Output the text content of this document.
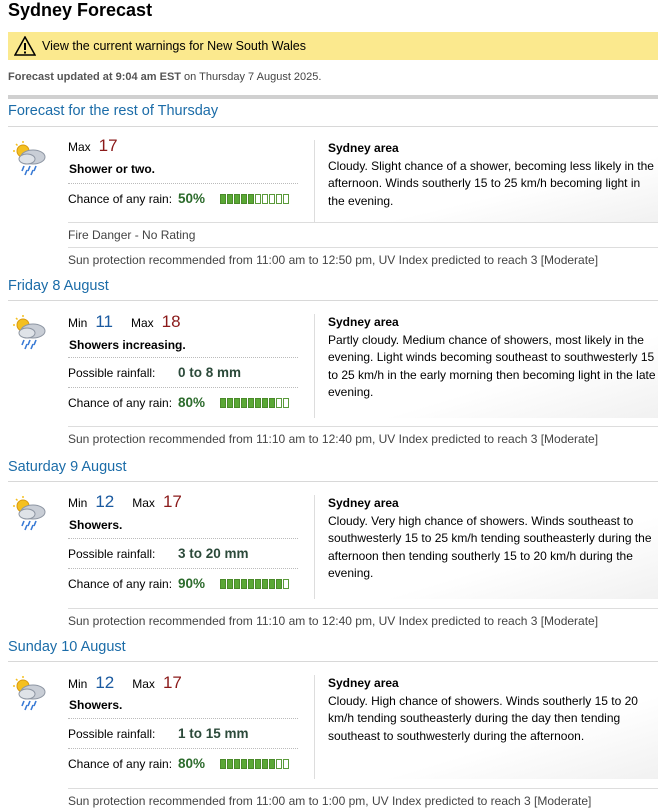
Sydney Forecast
View the current warnings for New South Wales
Forecast updated at 9:04 am EST on Thursday 7 August 2025.
Forecast for the rest of Thursday
Max 17
Shower or two.
Chance of any rain: 50%
Sydney area
Cloudy. Slight chance of a shower, becoming less likely in the afternoon. Winds southerly 15 to 25 km/h becoming light in the evening.
Fire Danger - No Rating
Sun protection recommended from 11:00 am to 12:50 pm, UV Index predicted to reach 3 [Moderate]
Friday 8 August
Min 11 Max 18
Showers increasing.
Possible rainfall:	0 to 8 mm
Chance of any rain: 80%
Sydney area
Partly cloudy. Medium chance of showers, most likely in the evening. Light winds becoming southeast to southwesterly 15 to 25 km/h in the early morning then becoming light in the late evening.
Sun protection recommended from 11:10 am to 12:40 pm, UV Index predicted to reach 3 [Moderate]
Saturday 9 August
Min 12 Max 17
Showers.
Possible rainfall:	3 to 20 mm
Chance of any rain: 90%
Sydney area
Cloudy. Very high chance of showers. Winds southeast to southwesterly 15 to 25 km/h tending southeasterly during the afternoon then tending southerly 15 to 20 km/h during the evening.
Sun protection recommended from 11:10 am to 12:40 pm, UV Index predicted to reach 3 [Moderate]
Sunday 10 August
Min 12 Max 17
Showers.
Possible rainfall:	1 to 15 mm
Chance of any rain: 80%
Sydney area
Cloudy. High chance of showers. Winds southerly 15 to 20 km/h tending southeasterly during the day then tending southeast to southwesterly during the afternoon.
Sun protection recommended from 11:00 am to 1:00 pm, UV Index predicted to reach 3 [Moderate]
